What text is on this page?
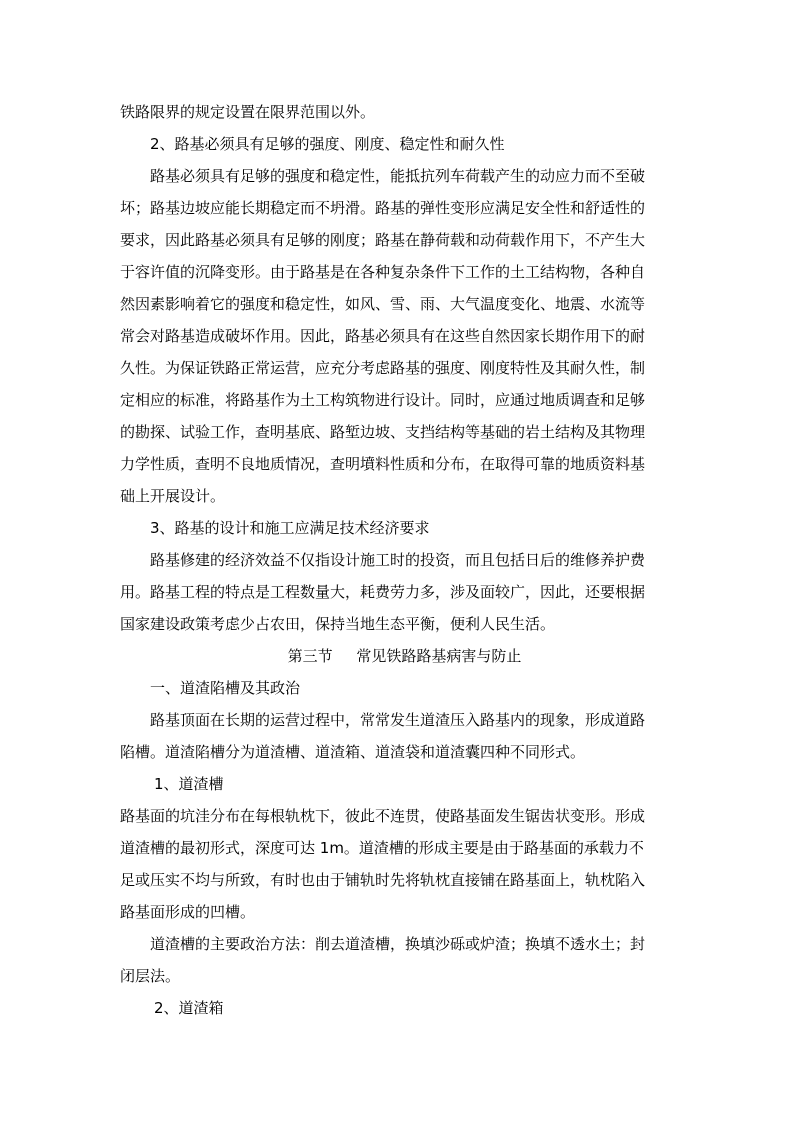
铁路限界的规定设置在限界范围以外。
2、路基必须具有足够的强度、刚度、稳定性和耐久性
路基必须具有足够的强度和稳定性，能抵抗列车荷载产生的动应力而不至破
坏；路基边坡应能长期稳定而不坍滑。路基的弹性变形应满足安全性和舒适性的
要求，因此路基必须具有足够的刚度；路基在静荷载和动荷载作用下，不产生大
于容许值的沉降变形。由于路基是在各种复杂条件下工作的土工结构物，各种自
然因素影响着它的强度和稳定性，如风、雪、雨、大气温度变化、地震、水流等
常会对路基造成破坏作用。因此，路基必须具有在这些自然因家长期作用下的耐
久性。为保证铁路正常运营，应充分考虑路基的强度、刚度特性及其耐久性，制
定相应的标准，将路基作为土工构筑物进行设计。同时，应通过地质调查和足够
的勘探、试验工作，查明基底、路堑边坡、支挡结构等基础的岩土结构及其物理
力学性质，查明不良地质情况，查明墳料性质和分布，在取得可靠的地质资料基
础上开展设计。
3、路基的设计和施工应满足技术经济要求
路基修建的经济效益不仅指设计施工时的投资，而且包括日后的维修养护费
用。路基工程的特点是工程数量大，耗费劳力多，涉及面较广，因此，还要根据
国家建设政策考虑少占农田，保持当地生态平衡，便利人民生活。
第三节     常见铁路路基病害与防止
一、道渣陷槽及其政治
路基顶面在长期的运营过程中，常常发生道渣压入路基内的现象，形成道路
陷槽。道渣陷槽分为道渣槽、道渣箱、道渣袋和道渣囊四种不同形式。
1、道渣槽
路基面的坑洼分布在每根轨枕下，彼此不连贯，使路基面发生锯齿状变形。形成
道渣槽的最初形式，深度可达 1m。道渣槽的形成主要是由于路基面的承载力不
足或压实不均与所致，有时也由于铺轨时先将轨枕直接铺在路基面上，轨枕陷入
路基面形成的凹槽。
道渣槽的主要政治方法：削去道渣槽，换填沙砾或炉渣；换填不透水土；封
闭层法。
2、道渣箱
